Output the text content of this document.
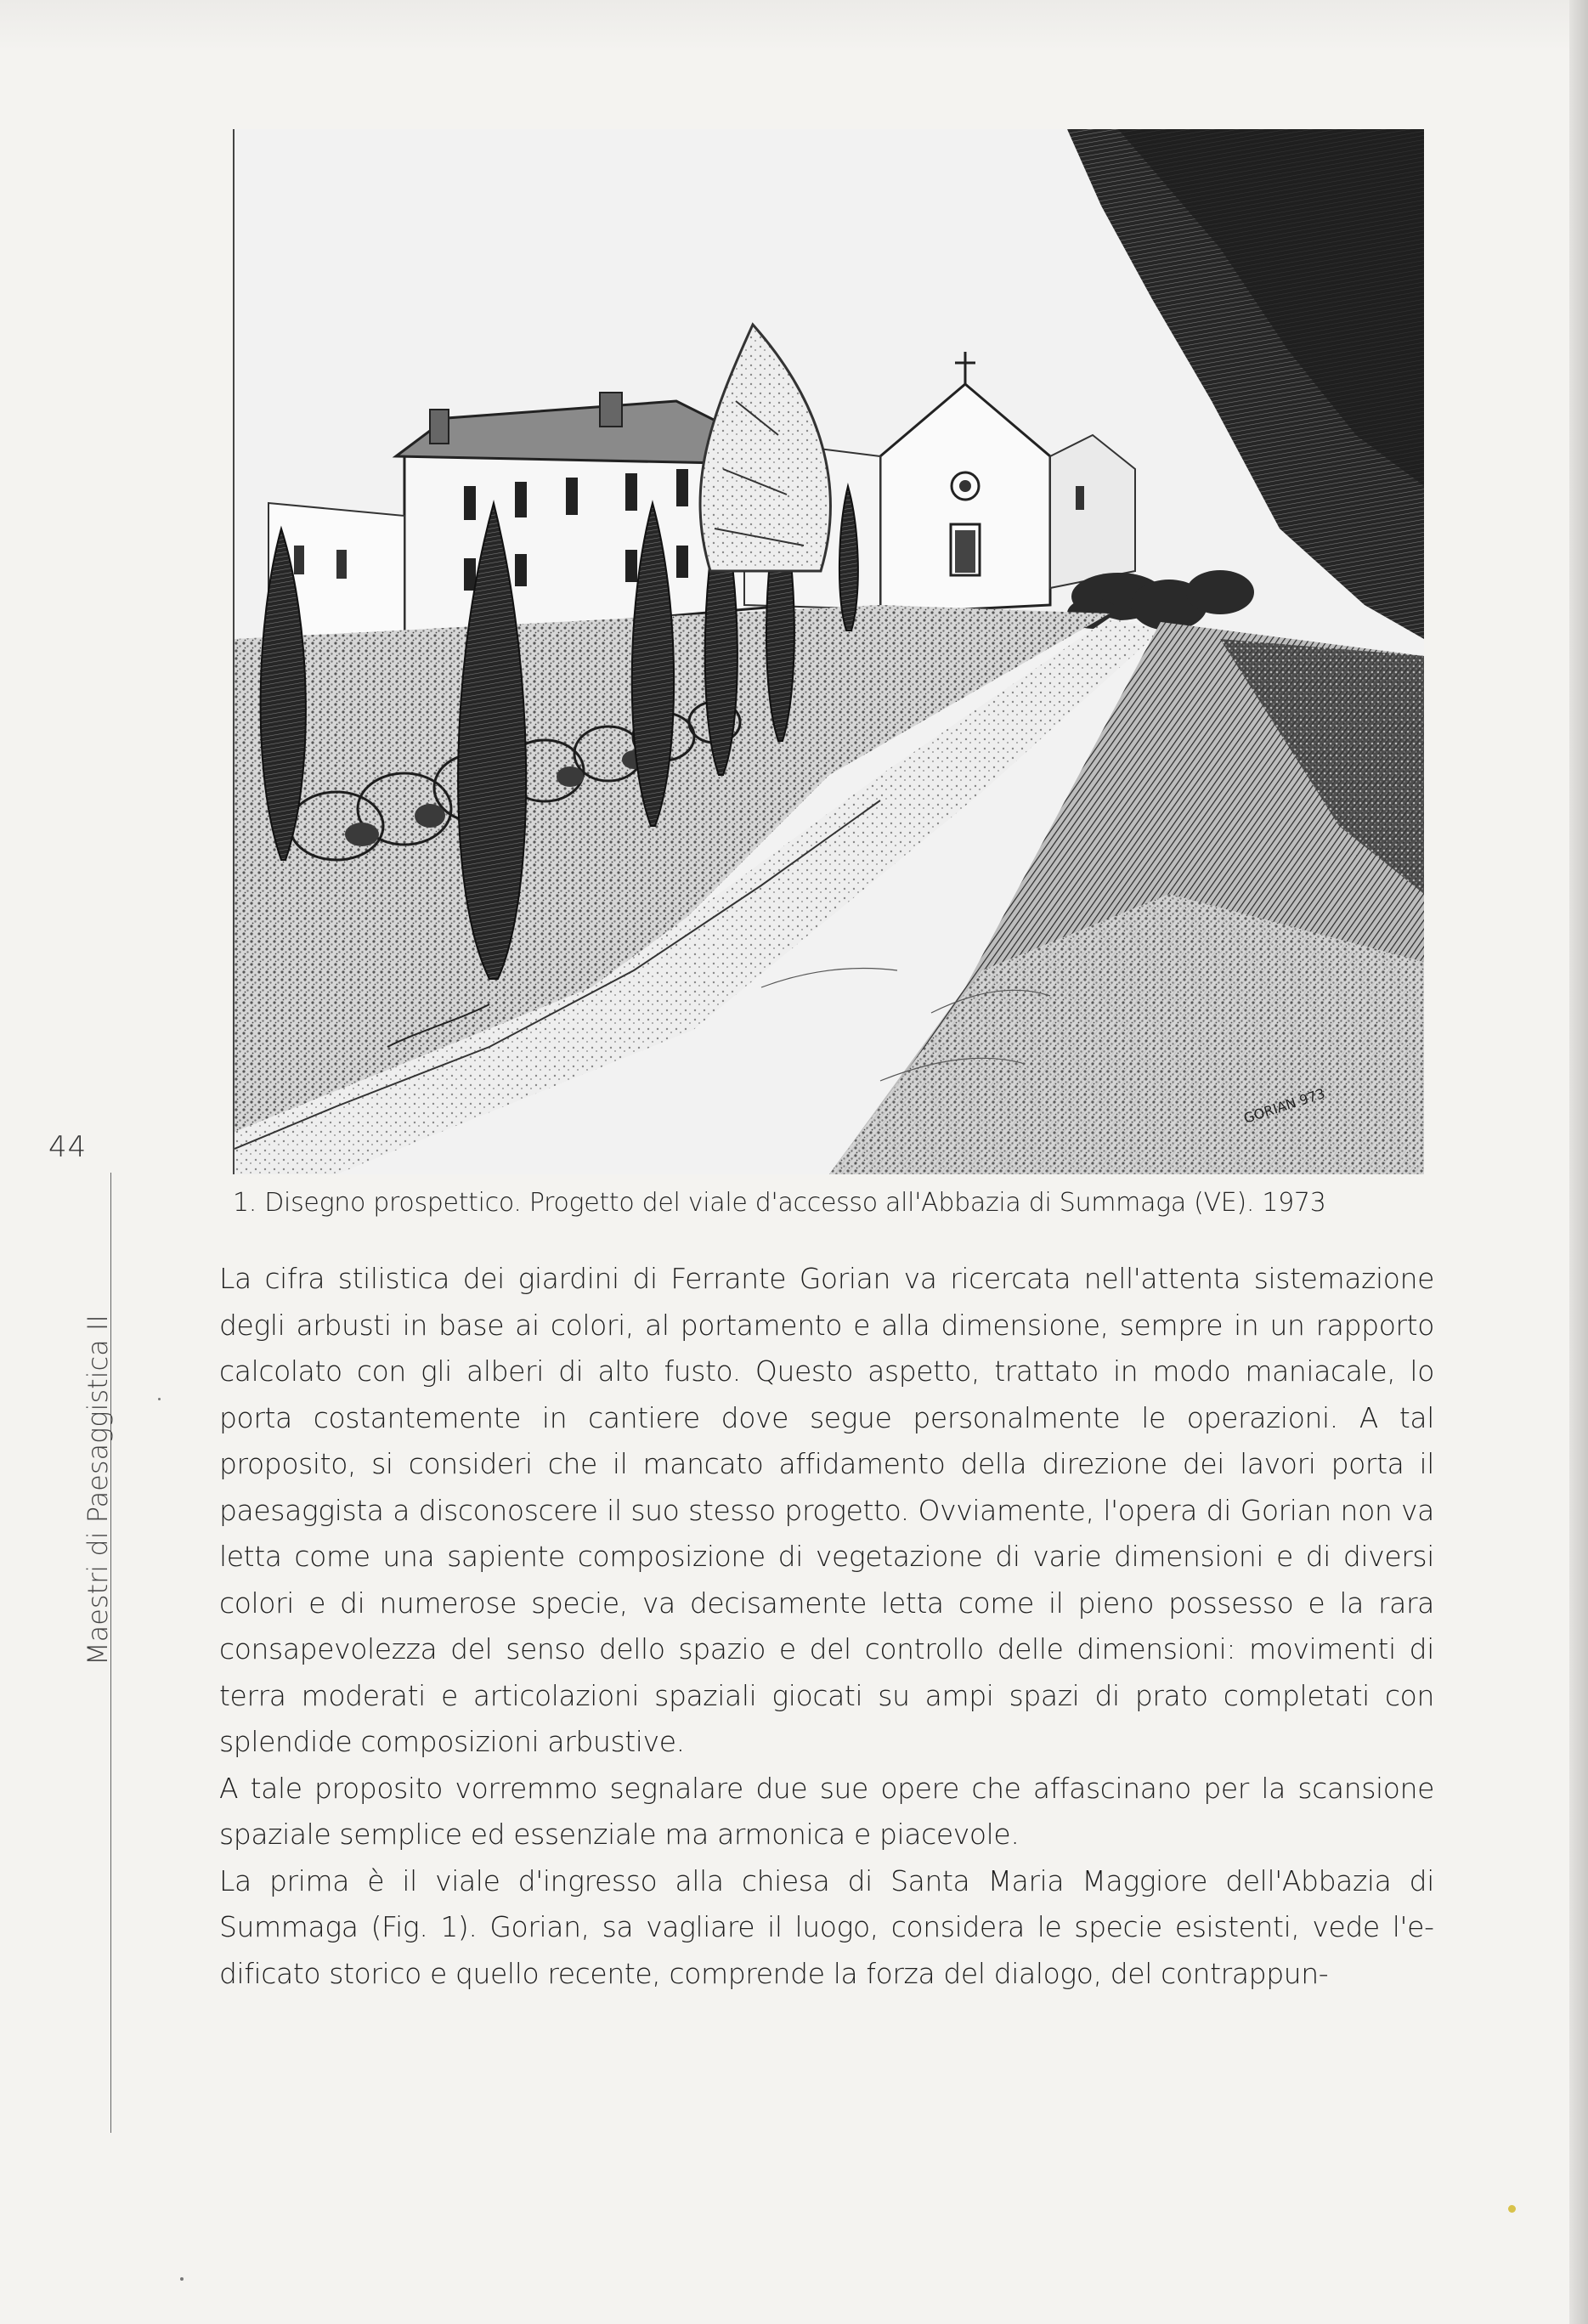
GORIAN 973
44
Maestri di Paesaggistica II
1. Disegno prospettico. Progetto del viale d'accesso all'Abbazia di Summaga (VE). 1973

La cifra stilistica dei giardini di Ferrante Gorian va ricercata nell'attenta sistemazione degli arbusti in base ai colori, al portamento e alla dimensione, sempre in un rapporto calcolato con gli alberi di alto fusto. Questo aspetto, trattato in modo maniacale, lo porta costantemente in cantiere dove segue personalmente le operazioni. A tal proposito, si consideri che il mancato affidamento della direzione dei lavori porta il paesaggista a disconoscere il suo stesso progetto. Ovviamente, l'opera di Gorian non va letta come una sapiente composizione di vegetazione di varie dimensioni e di diversi colori e di numerose specie, va decisamente letta come il pieno possesso e la rara consapevolezza del senso dello spazio e del controllo delle dimensioni: movimenti di terra moderati e articolazioni spaziali giocati su ampi spazi di prato completati con splendide composizioni arbustive.

A tale proposito vorremmo segnalare due sue opere che affascinano per la scansione spaziale semplice ed essenziale ma armonica e piacevole.

La prima è il viale d'ingresso alla chiesa di Santa Maria Maggiore dell'Abbazia di Summaga (Fig. 1). Gorian, sa vagliare il luogo, considera le specie esistenti, vede l'edificato storico e quello recente, comprende la forza del dialogo, del contrappun-
